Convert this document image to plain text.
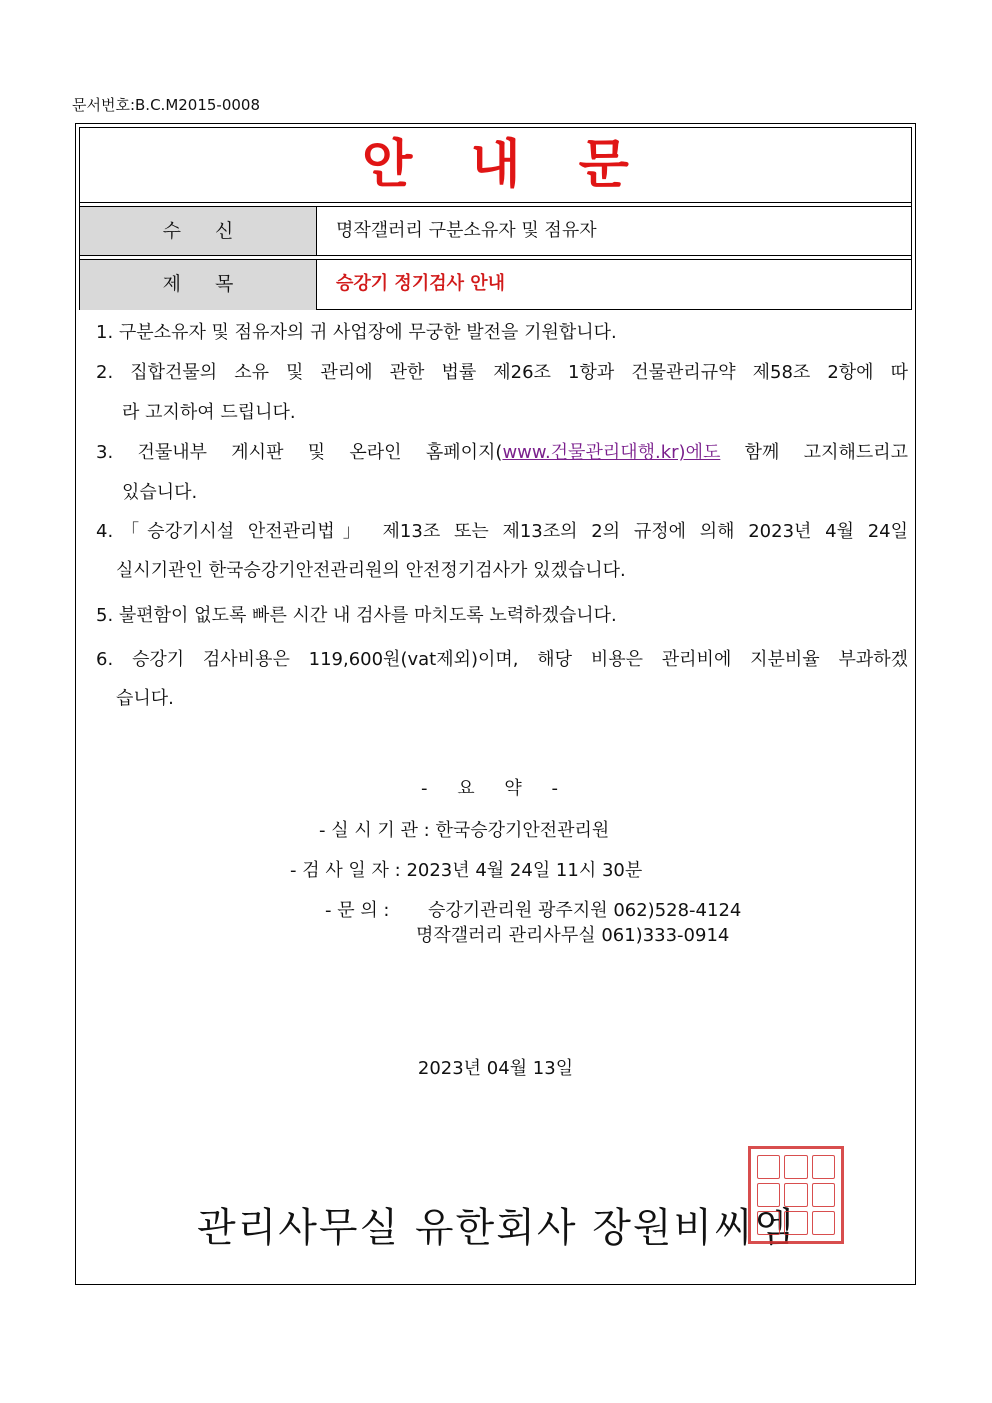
문서번호:B.C.M2015-0008
안내문
수신	명작갤러리 구분소유자 및 점유자
제목	승강기 정기검사 안내
1. 구분소유자 및 점유자의 귀 사업장에 무궁한 발전을 기원합니다.
2. 집합건물의 소유 및 관리에 관한 법률 제26조 1항과 건물관리규약 제58조 2항에 따
라 고지하여 드립니다.
3. 건물내부 게시판 및 온라인 홈페이지(www.건물관리대행.kr)에도 함께 고지해드리고
있습니다.
4.「승강기시설 안전관리법」 제13조 또는 제13조의 2의 규정에 의해 2023년 4월 24일
실시기관인 한국승강기안전관리원의 안전정기검사가 있겠습니다.
5. 불편함이 없도록 빠른 시간 내 검사를 마치도록 노력하겠습니다.
6. 승강기 검사비용은 119,600원(vat제외)이며, 해당 비용은 관리비에 지분비율 부과하겠
습니다.
- 요 약 -
- 실 시 기 관 : 한국승강기안전관리원
- 검 사 일 자 : 2023년 4월 24일 11시 30분
- 문 의 : 승강기관리원 광주지원 062)528-4124
명작갤러리 관리사무실 061)333-0914
2023년 04월 13일
관리사무실 유한회사 장원비씨엠
